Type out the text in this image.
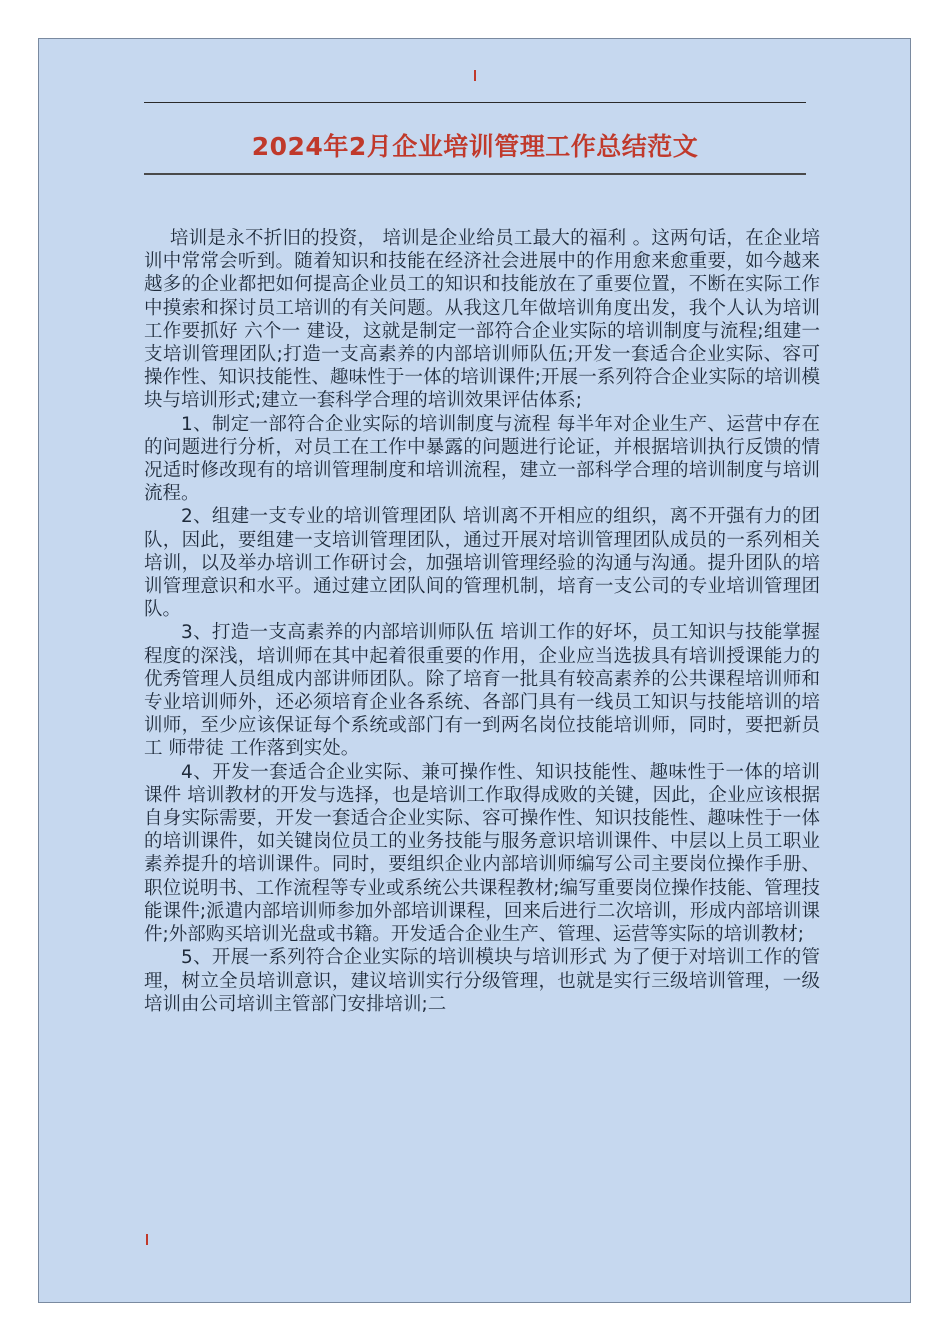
2024年2月企业培训管理工作总结范文

培训是永不折旧的投资， 培训是企业给员工最大的福利 。这两句话，在企业培训中常常会听到。随着知识和技能在经济社会进展中的作用愈来愈重要，如今越来越多的企业都把如何提高企业员工的知识和技能放在了重要位置，不断在实际工作中摸索和探讨员工培训的有关问题。从我这几年做培训角度出发，我个人认为培训工作要抓好 六个一 建设，这就是制定一部符合企业实际的培训制度与流程;组建一支培训管理团队;打造一支高素养的内部培训师队伍;开发一套适合企业实际、容可操作性、知识技能性、趣味性于一体的培训课件;开展一系列符合企业实际的培训模块与培训形式;建立一套科学合理的培训效果评估体系;

1、制定一部符合企业实际的培训制度与流程 每半年对企业生产、运营中存在的问题进行分析，对员工在工作中暴露的问题进行论证，并根据培训执行反馈的情况适时修改现有的培训管理制度和培训流程，建立一部科学合理的培训制度与培训流程。

2、组建一支专业的培训管理团队 培训离不开相应的组织，离不开强有力的团队，因此，要组建一支培训管理团队，通过开展对培训管理团队成员的一系列相关培训，以及举办培训工作研讨会，加强培训管理经验的沟通与沟通。提升团队的培训管理意识和水平。通过建立团队间的管理机制，培育一支公司的专业培训管理团队。

3、打造一支高素养的内部培训师队伍 培训工作的好坏，员工知识与技能掌握程度的深浅，培训师在其中起着很重要的作用，企业应当选拔具有培训授课能力的优秀管理人员组成内部讲师团队。除了培育一批具有较高素养的公共课程培训师和专业培训师外，还必须培育企业各系统、各部门具有一线员工知识与技能培训的培训师，至少应该保证每个系统或部门有一到两名岗位技能培训师，同时，要把新员工 师带徒 工作落到实处。

4、开发一套适合企业实际、兼可操作性、知识技能性、趣味性于一体的培训课件 培训教材的开发与选择，也是培训工作取得成败的关键，因此，企业应该根据自身实际需要，开发一套适合企业实际、容可操作性、知识技能性、趣味性于一体的培训课件，如关键岗位员工的业务技能与服务意识培训课件、中层以上员工职业素养提升的培训课件。同时，要组织企业内部培训师编写公司主要岗位操作手册、职位说明书、工作流程等专业或系统公共课程教材;编写重要岗位操作技能、管理技能课件;派遣内部培训师参加外部培训课程，回来后进行二次培训，形成内部培训课件;外部购买培训光盘或书籍。开发适合企业生产、管理、运营等实际的培训教材;

5、开展一系列符合企业实际的培训模块与培训形式 为了便于对培训工作的管理，树立全员培训意识，建议培训实行分级管理，也就是实行三级培训管理，一级培训由公司培训主管部门安排培训;二
